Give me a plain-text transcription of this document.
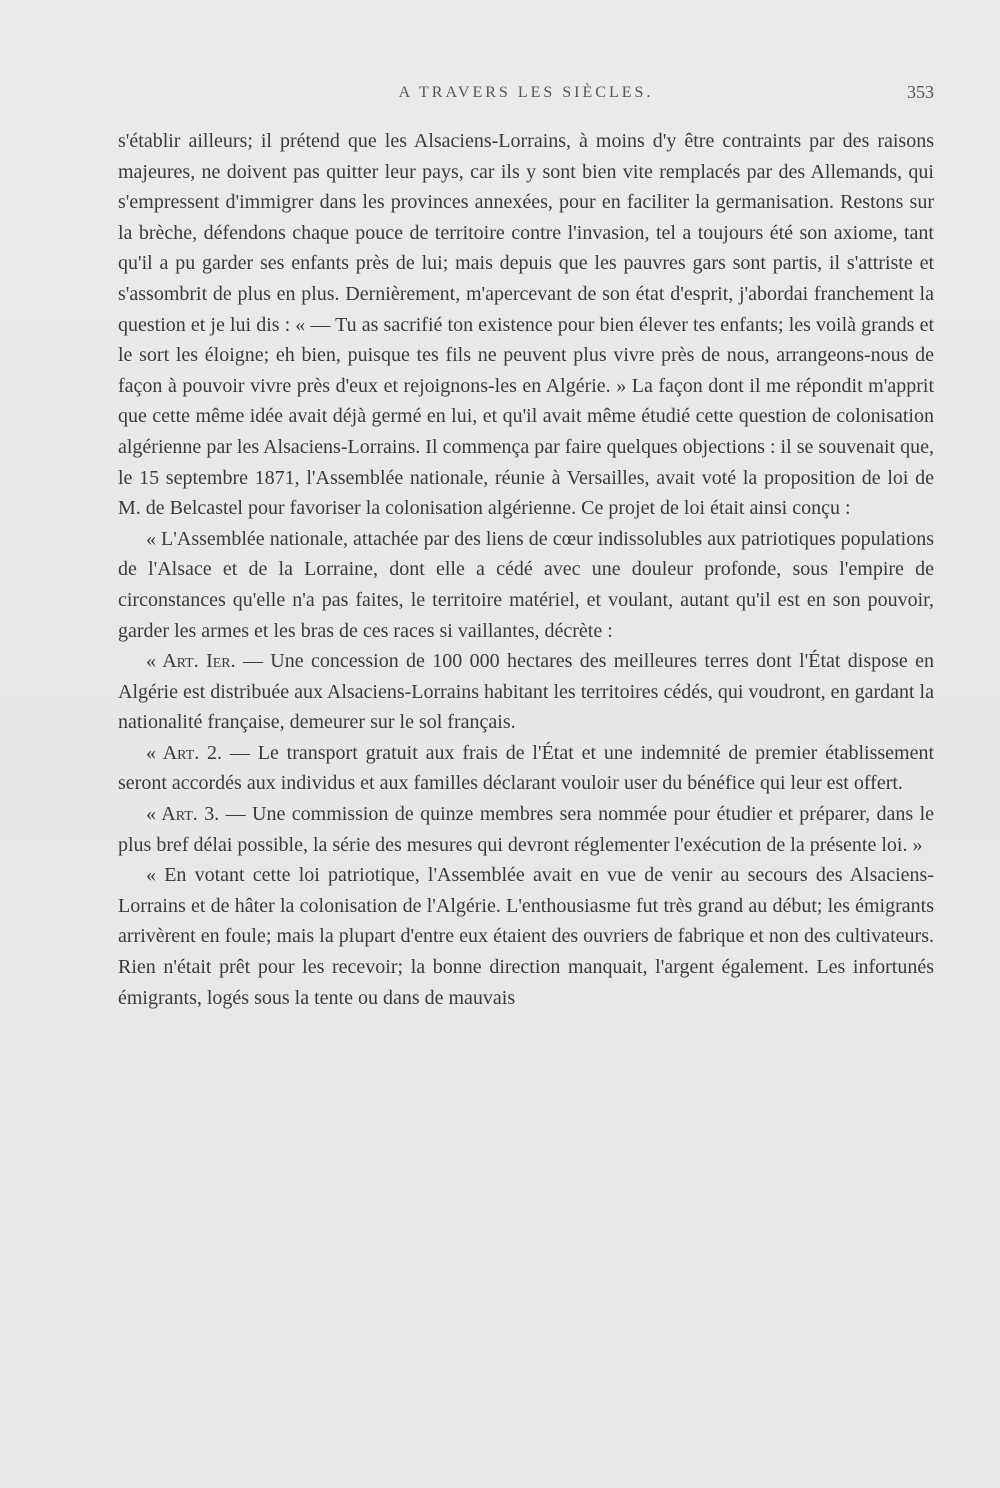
A TRAVERS LES SIÈCLES.	353

s'établir ailleurs; il prétend que les Alsaciens-Lorrains, à moins d'y être contraints par des raisons majeures, ne doivent pas quitter leur pays, car ils y sont bien vite remplacés par des Allemands, qui s'empressent d'immigrer dans les provinces annexées, pour en faciliter la germanisation. Restons sur la brèche, défendons chaque pouce de territoire contre l'invasion, tel a toujours été son axiome, tant qu'il a pu garder ses enfants près de lui; mais depuis que les pauvres gars sont partis, il s'attriste et s'assombrit de plus en plus. Dernièrement, m'apercevant de son état d'esprit, j'abordai franchement la question et je lui dis : « — Tu as sacrifié ton existence pour bien élever tes enfants; les voilà grands et le sort les éloigne; eh bien, puisque tes fils ne peuvent plus vivre près de nous, arrangeons-nous de façon à pouvoir vivre près d'eux et rejoignons-les en Algérie. » La façon dont il me répondit m'apprit que cette même idée avait déjà germé en lui, et qu'il avait même étudié cette question de colonisation algérienne par les Alsaciens-Lorrains. Il commença par faire quelques objections : il se souvenait que, le 15 septembre 1871, l'Assemblée nationale, réunie à Versailles, avait voté la proposition de loi de M. de Belcastel pour favoriser la colonisation algérienne. Ce projet de loi était ainsi conçu :

« L'Assemblée nationale, attachée par des liens de cœur indissolubles aux patriotiques populations de l'Alsace et de la Lorraine, dont elle a cédé avec une douleur profonde, sous l'empire de circonstances qu'elle n'a pas faites, le territoire matériel, et voulant, autant qu'il est en son pouvoir, garder les armes et les bras de ces races si vaillantes, décrète :

« Art. Ier. — Une concession de 100 000 hectares des meilleures terres dont l'État dispose en Algérie est distribuée aux Alsaciens-Lorrains habitant les territoires cédés, qui voudront, en gardant la nationalité française, demeurer sur le sol français.

« Art. 2. — Le transport gratuit aux frais de l'État et une indemnité de premier établissement seront accordés aux individus et aux familles déclarant vouloir user du bénéfice qui leur est offert.

« Art. 3. — Une commission de quinze membres sera nommée pour étudier et préparer, dans le plus bref délai possible, la série des mesures qui devront réglementer l'exécution de la présente loi. »

« En votant cette loi patriotique, l'Assemblée avait en vue de venir au secours des Alsaciens-Lorrains et de hâter la colonisation de l'Algérie. L'enthousiasme fut très grand au début; les émigrants arrivèrent en foule; mais la plupart d'entre eux étaient des ouvriers de fabrique et non des cultivateurs. Rien n'était prêt pour les recevoir; la bonne direction manquait, l'argent également. Les infortunés émigrants, logés sous la tente ou dans de mauvais
